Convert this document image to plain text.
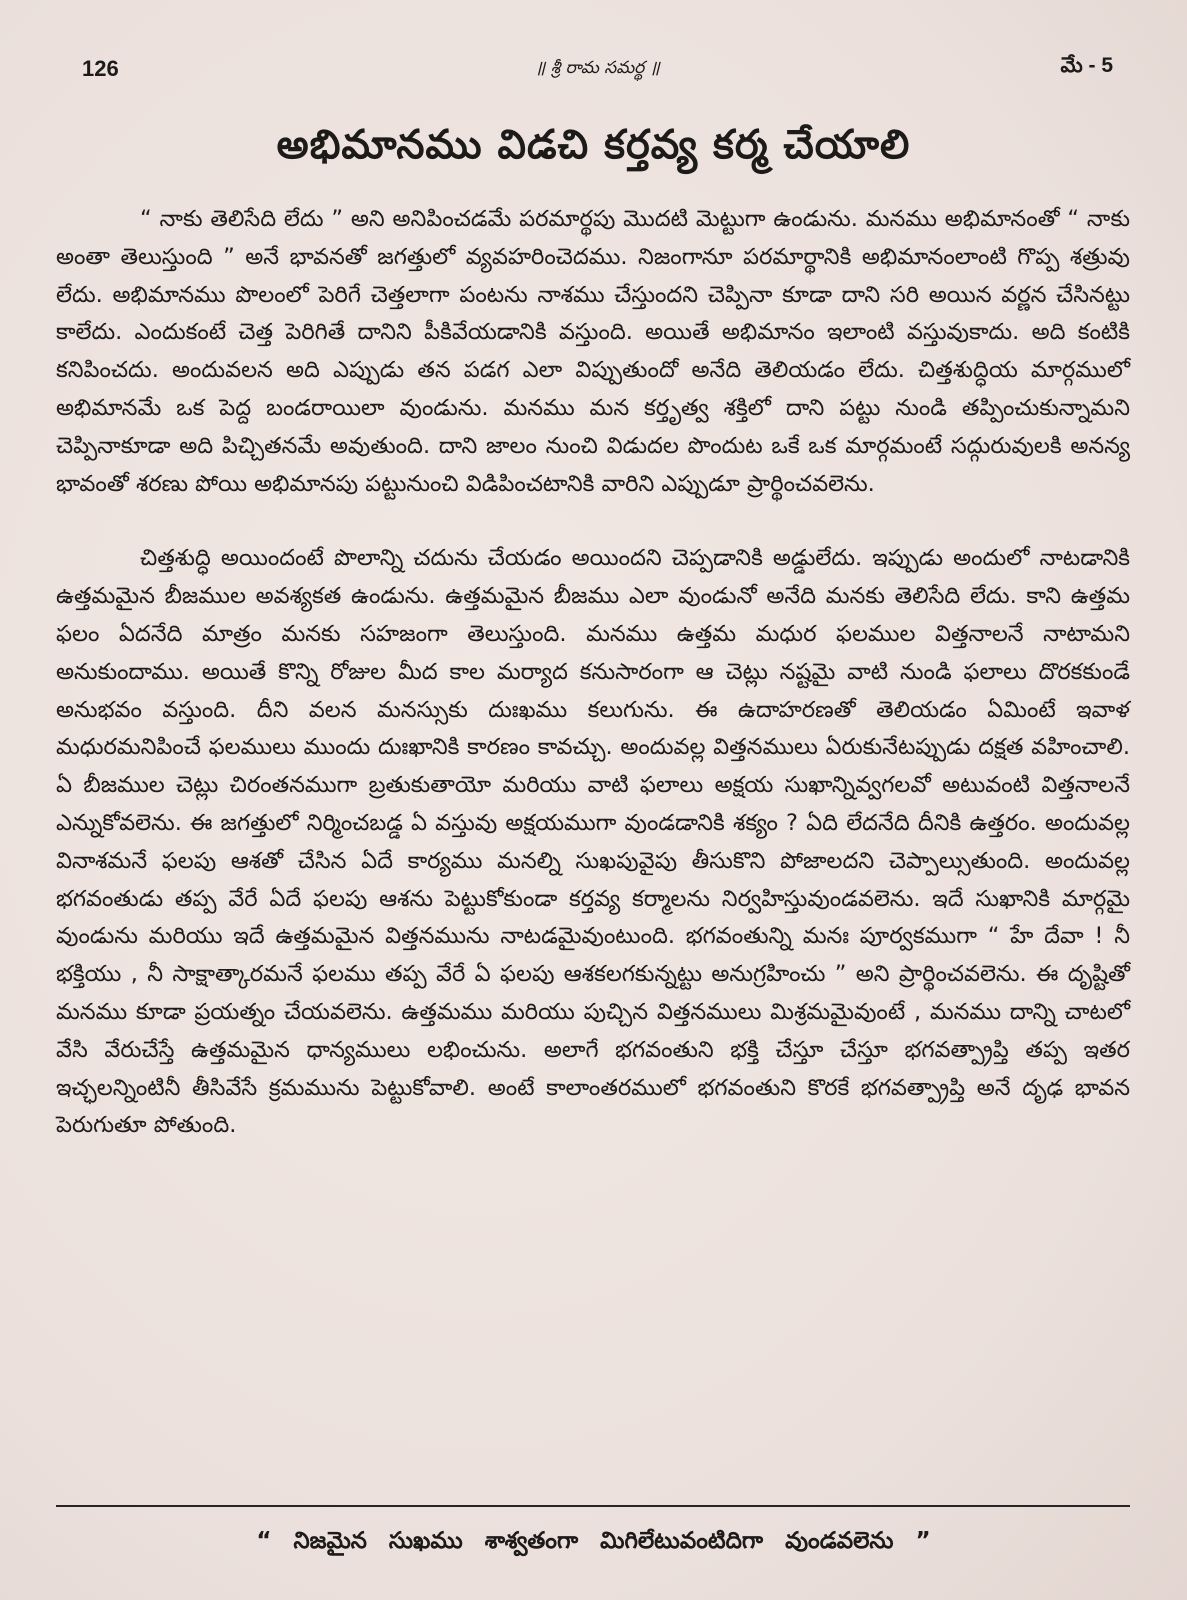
126	॥ శ్రీ రామ సమర్థ ॥	మే - 5
అభిమానము విడచి కర్తవ్య కర్మ చేయాలి

“ నాకు తెలిసేది లేదు ” అని అనిపించడమే పరమార్థపు మొదటి మెట్టుగా ఉండును. మనము అభిమానంతో “ నాకు అంతా తెలుస్తుంది ” అనే భావనతో జగత్తులో వ్యవహరించెదము. నిజంగానూ పరమార్థానికి అభిమానంలాంటి గొప్ప శత్రువు లేదు. అభిమానము పొలంలో పెరిగే చెత్తలాగా పంటను నాశము చేస్తుందని చెప్పినా కూడా దాని సరి అయిన వర్ణన చేసినట్టు కాలేదు. ఎందుకంటే చెత్త పెరిగితే దానిని పీకివేయడానికి వస్తుంది. అయితే అభిమానం ఇలాంటి వస్తువుకాదు. అది కంటికి కనిపించదు. అందువలన అది ఎప్పుడు తన పడగ ఎలా విప్పుతుందో అనేది తెలియడం లేదు. చిత్తశుద్ధియ మార్గములో అభిమానమే ఒక పెద్ద బండరాయిలా వుండును. మనము మన కర్తృత్వ శక్తిలో దాని పట్టు నుండి తప్పించుకున్నామని చెప్పినాకూడా అది పిచ్చితనమే అవుతుంది. దాని జాలం నుంచి విడుదల పొందుట ఒకే ఒక మార్గమంటే సద్గురువులకి అనన్య భావంతో శరణు పోయి అభిమానపు పట్టునుంచి విడిపించటానికి వారిని ఎప్పుడూ ప్రార్థించవలెను.

చిత్తశుద్ధి అయిందంటే పొలాన్ని చదును చేయడం అయిందని చెప్పడానికి అడ్డులేదు. ఇప్పుడు అందులో నాటడానికి ఉత్తమమైన బీజముల అవశ్యకత ఉండును. ఉత్తమమైన బీజము ఎలా వుండునో అనేది మనకు తెలిసేది లేదు. కాని ఉత్తమ ఫలం ఏదనేది మాత్రం మనకు సహజంగా తెలుస్తుంది. మనము ఉత్తమ మధుర ఫలముల విత్తనాలనే నాటామని అనుకుందాము. అయితే కొన్ని రోజుల మీద కాల మర్యాద కనుసారంగా ఆ చెట్లు నష్టమై వాటి నుండి ఫలాలు దొరకకుండే అనుభవం వస్తుంది. దీని వలన మనస్సుకు దుఃఖము కలుగును. ఈ ఉదాహరణతో తెలియడం ఏమింటే ఇవాళ మధురమనిపించే ఫలములు ముందు దుఃఖానికి కారణం కావచ్చు. అందువల్ల విత్తనములు ఏరుకునేటప్పుడు దక్షత వహించాలి. ఏ బీజముల చెట్లు చిరంతనముగా బ్రతుకుతాయో మరియు వాటి ఫలాలు అక్షయ సుఖాన్నివ్వగలవో అటువంటి విత్తనాలనే ఎన్నుకోవలెను. ఈ జగత్తులో నిర్మించబడ్డ ఏ వస్తువు అక్షయముగా వుండడానికి శక్యం ? ఏది లేదనేది దీనికి ఉత్తరం. అందువల్ల వినాశమనే ఫలపు ఆశతో చేసిన ఏదే కార్యము మనల్ని సుఖపువైపు తీసుకొని పోజాలదని చెప్పాల్సుతుంది. అందువల్ల భగవంతుడు తప్ప వేరే ఏదే ఫలపు ఆశను పెట్టుకోకుండా కర్తవ్య కర్మాలను నిర్వహిస్తువుండవలెను. ఇదే సుఖానికి మార్గమై వుండును మరియు ఇదే ఉత్తమమైన విత్తనమును నాటడమైవుంటుంది. భగవంతున్ని మనః పూర్వకముగా “ హే దేవా ! నీ భక్తియు , నీ సాక్షాత్కారమనే ఫలము తప్ప వేరే ఏ ఫలపు ఆశకలగకున్నట్టు అనుగ్రహించు ” అని ప్రార్థించవలెను. ఈ దృష్టితో మనము కూడా ప్రయత్నం చేయవలెను. ఉత్తమము మరియు పుచ్చిన విత్తనములు మిశ్రమమైవుంటే , మనము దాన్ని చాటలో వేసి వేరుచేస్తే ఉత్తమమైన ధాన్యములు లభించును. అలాగే భగవంతుని భక్తి చేస్తూ చేస్తూ భగవత్ప్రాప్తి తప్ప ఇతర ఇచ్ఛలన్నింటినీ తీసివేసే క్రమమును పెట్టుకోవాలి. అంటే కాలాంతరములో భగవంతుని కొరకే భగవత్ప్రాప్తి అనే దృఢ భావన పెరుగుతూ పోతుంది.

“ నిజమైన సుఖము శాశ్వతంగా మిగిలేటువంటిదిగా వుండవలెను ”
